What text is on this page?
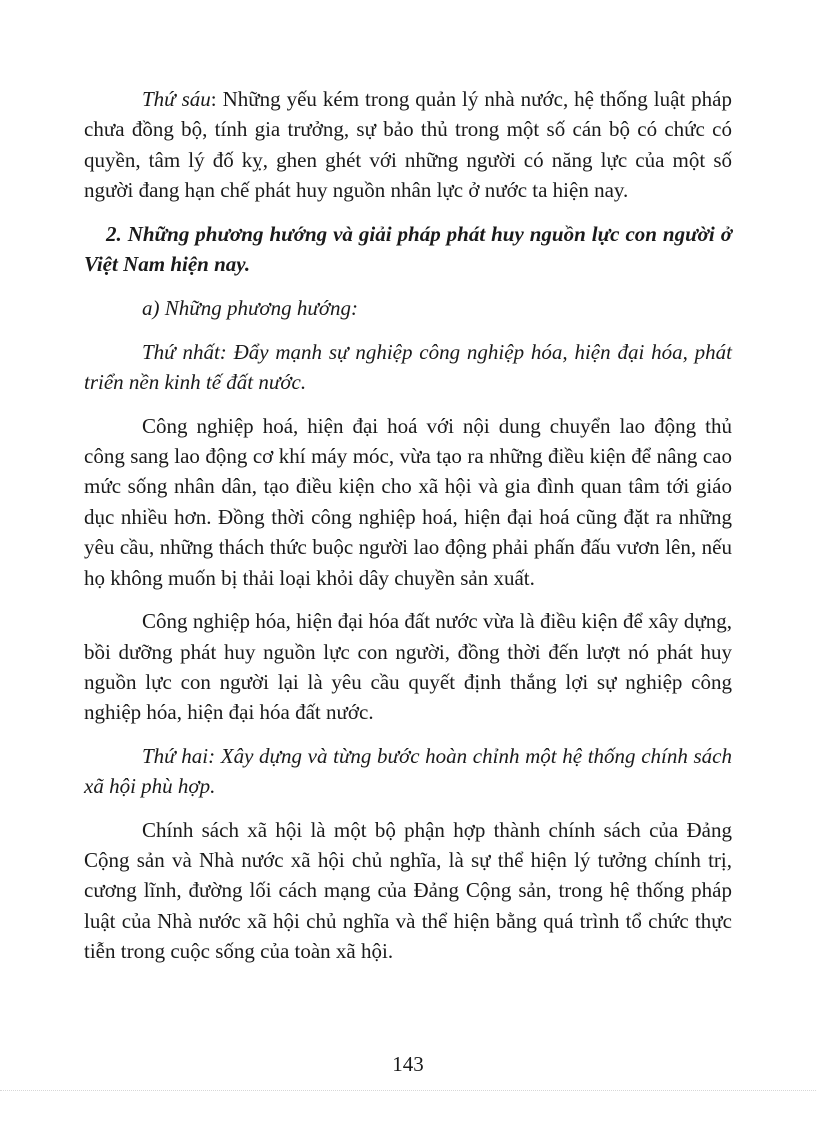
Thứ sáu: Những yếu kém trong quản lý nhà nước, hệ thống luật pháp chưa đồng bộ, tính gia trưởng, sự bảo thủ trong một số cán bộ có chức có quyền, tâm lý đố kỵ, ghen ghét với những người có năng lực của một số người đang hạn chế phát huy nguồn nhân lực ở nước ta hiện nay.

2. Những phương hướng và giải pháp phát huy nguồn lực con người ở Việt Nam hiện nay.

a) Những phương hướng:

Thứ nhất: Đẩy mạnh sự nghiệp công nghiệp hóa, hiện đại hóa, phát triển nền kinh tế đất nước.

Công nghiệp hoá, hiện đại hoá với nội dung chuyển lao động thủ công sang lao động cơ khí máy móc, vừa tạo ra những điều kiện để nâng cao mức sống nhân dân, tạo điều kiện cho xã hội và gia đình quan tâm tới giáo dục nhiều hơn. Đồng thời công nghiệp hoá, hiện đại hoá cũng đặt ra những yêu cầu, những thách thức buộc người lao động phải phấn đấu vươn lên, nếu họ không muốn bị thải loại khỏi dây chuyền sản xuất.

Công nghiệp hóa, hiện đại hóa đất nước vừa là điều kiện để xây dựng, bồi dưỡng phát huy nguồn lực con người, đồng thời đến lượt nó phát huy nguồn lực con người lại là yêu cầu quyết định thắng lợi sự nghiệp công nghiệp hóa, hiện đại hóa đất nước.

Thứ hai: Xây dựng và từng bước hoàn chỉnh một hệ thống chính sách xã hội phù hợp.

Chính sách xã hội là một bộ phận hợp thành chính sách của Đảng Cộng sản và Nhà nước xã hội chủ nghĩa, là sự thể hiện lý tưởng chính trị, cương lĩnh, đường lối cách mạng của Đảng Cộng sản, trong hệ thống pháp luật của Nhà nước xã hội chủ nghĩa và thể hiện bằng quá trình tổ chức thực tiễn trong cuộc sống của toàn xã hội.

143
